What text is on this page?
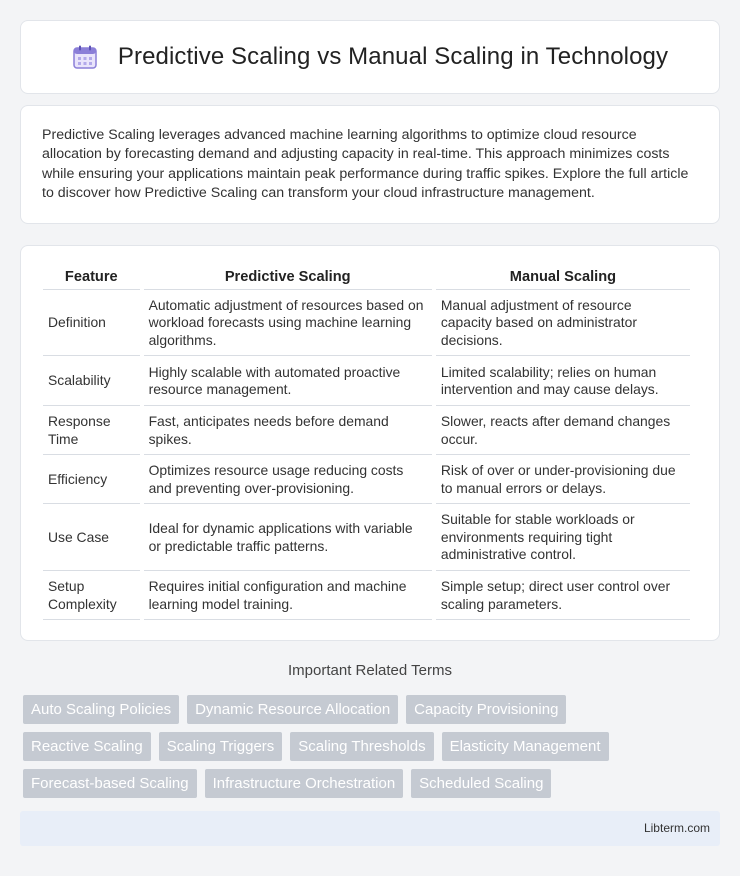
Predictive Scaling vs Manual Scaling in Technology

Predictive Scaling leverages advanced machine learning algorithms to optimize cloud resource allocation by forecasting demand and adjusting capacity in real-time. This approach minimizes costs while ensuring your applications maintain peak performance during traffic spikes. Explore the full article to discover how Predictive Scaling can transform your cloud infrastructure management.

Feature	Predictive Scaling	Manual Scaling
Definition	Automatic adjustment of resources based on workload forecasts using machine learning algorithms.	Manual adjustment of resource capacity based on administrator decisions.
Scalability	Highly scalable with automated proactive resource management.	Limited scalability; relies on human intervention and may cause delays.
Response Time	Fast, anticipates needs before demand spikes.	Slower, reacts after demand changes occur.
Efficiency	Optimizes resource usage reducing costs and preventing over-provisioning.	Risk of over or under-provisioning due to manual errors or delays.
Use Case	Ideal for dynamic applications with variable or predictable traffic patterns.	Suitable for stable workloads or environments requiring tight administrative control.
Setup Complexity	Requires initial configuration and machine learning model training.	Simple setup; direct user control over scaling parameters.
Important Related Terms
Auto Scaling Policies	Dynamic Resource Allocation	Capacity Provisioning
Reactive Scaling	Scaling Triggers	Scaling Thresholds	Elasticity Management
Forecast-based Scaling	Infrastructure Orchestration	Scheduled Scaling
Libterm.com
